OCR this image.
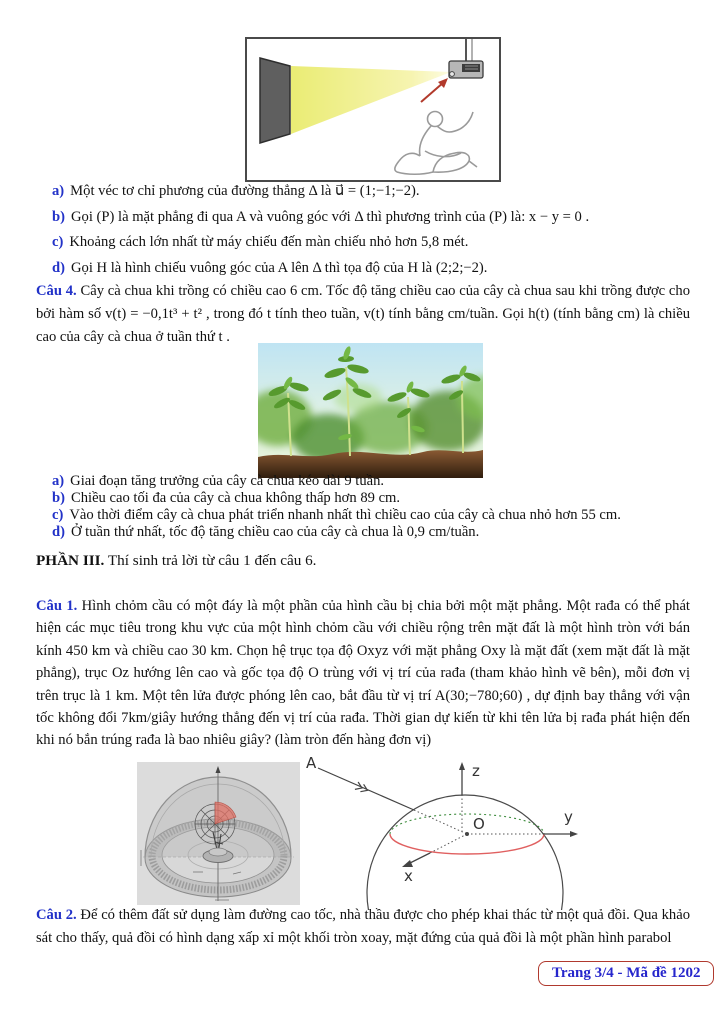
a) Một véc tơ chỉ phương của đường thẳng Δ là u⃗ = (1;−1;−2).
b) Gọi (P) là mặt phẳng đi qua A và vuông góc với Δ thì phương trình của (P) là: x − y = 0 .
c) Khoảng cách lớn nhất từ máy chiếu đến màn chiếu nhỏ hơn 5,8 mét.
d) Gọi H là hình chiếu vuông góc của A lên Δ thì tọa độ của H là (2;2;−2).
Câu 4. Cây cà chua khi trồng có chiều cao 6 cm. Tốc độ tăng chiều cao của cây cà chua sau khi trồng được cho bởi hàm số v(t) = −0,1t³ + t² , trong đó t tính theo tuần, v(t) tính bằng cm/tuần. Gọi h(t) (tính bằng cm) là chiều cao của cây cà chua ở tuần thứ t .
a) Giai đoạn tăng trưởng của cây cà chua kéo dài 9 tuần.
b) Chiều cao tối đa của cây cà chua không thấp hơn 89 cm.
c) Vào thời điểm cây cà chua phát triển nhanh nhất thì chiều cao của cây cà chua nhỏ hơn 55 cm.
d) Ở tuần thứ nhất, tốc độ tăng chiều cao của cây cà chua là 0,9 cm/tuần.
PHẦN III. Thí sinh trả lời từ câu 1 đến câu 6.
Câu 1. Hình chỏm cầu có một đáy là một phần của hình cầu bị chia bởi một mặt phẳng. Một rađa có thể phát hiện các mục tiêu trong khu vực của một hình chỏm cầu với chiều rộng trên mặt đất là một hình tròn với bán kính 450 km và chiều cao 30 km. Chọn hệ trục tọa độ Oxyz với mặt phẳng Oxy là mặt đất (xem mặt đất là mặt phẳng), trục Oz hướng lên cao và gốc tọa độ O trùng với vị trí của rađa (tham khảo hình vẽ bên), mỗi đơn vị trên trục là 1 km. Một tên lửa được phóng lên cao, bắt đầu từ vị trí A(30;−780;60) , dự định bay thẳng với vận tốc không đổi 7km/giây hướng thẳng đến vị trí của rađa. Thời gian dự kiến từ khi tên lửa bị rađa phát hiện đến khi nó bắn trúng rađa là bao nhiêu giây? (làm tròn đến hàng đơn vị)
z
y
x
A
O
Câu 2. Để có thêm đất sử dụng làm đường cao tốc, nhà thầu được cho phép khai thác từ một quả đồi. Qua khảo sát cho thấy, quả đồi có hình dạng xấp xỉ một khối tròn xoay, mặt đứng của quả đồi là một phần hình parabol
Trang 3/4 - Mã đề 1202
